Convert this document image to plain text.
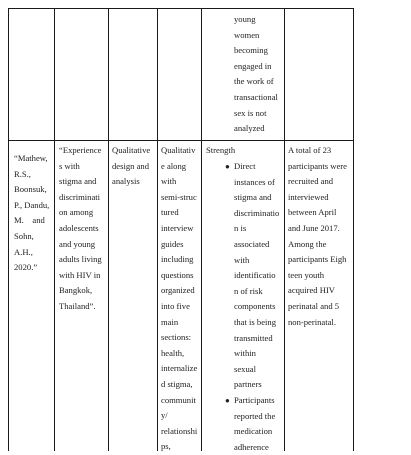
young
women
becoming
engaged in
the work of
transactional
sex is not
analyzed
“Mathew,
R.S.,
Boonsuk,
P., Dandu,
M.    and
Sohn,
A.H.,
2020.”
“Experience
s with
stigma and
discriminati
on among
adolescents
and young
adults living
with HIV in
Bangkok,
Thailand”.
Qualitative
design and
analysis
Qualitativ
e along
with
semi-struc
tured
interview
guides
including
questions
organized
into five
main
sections:
health,
internalize
d stigma,
communit
y/
relationshi
ps,
Strength
● Direct
instances of
stigma and
discriminatio
n is
associated
with
identificatio
n of risk
components
that is being
transmitted
within
sexual
partners
● Participants
reported the
medication
adherence
A total of 23
participants were
recruited and
interviewed
between April
and June 2017.
Among the
participants Eigh
teen youth
acquired HIV
perinatal and 5
non-perinatal.
